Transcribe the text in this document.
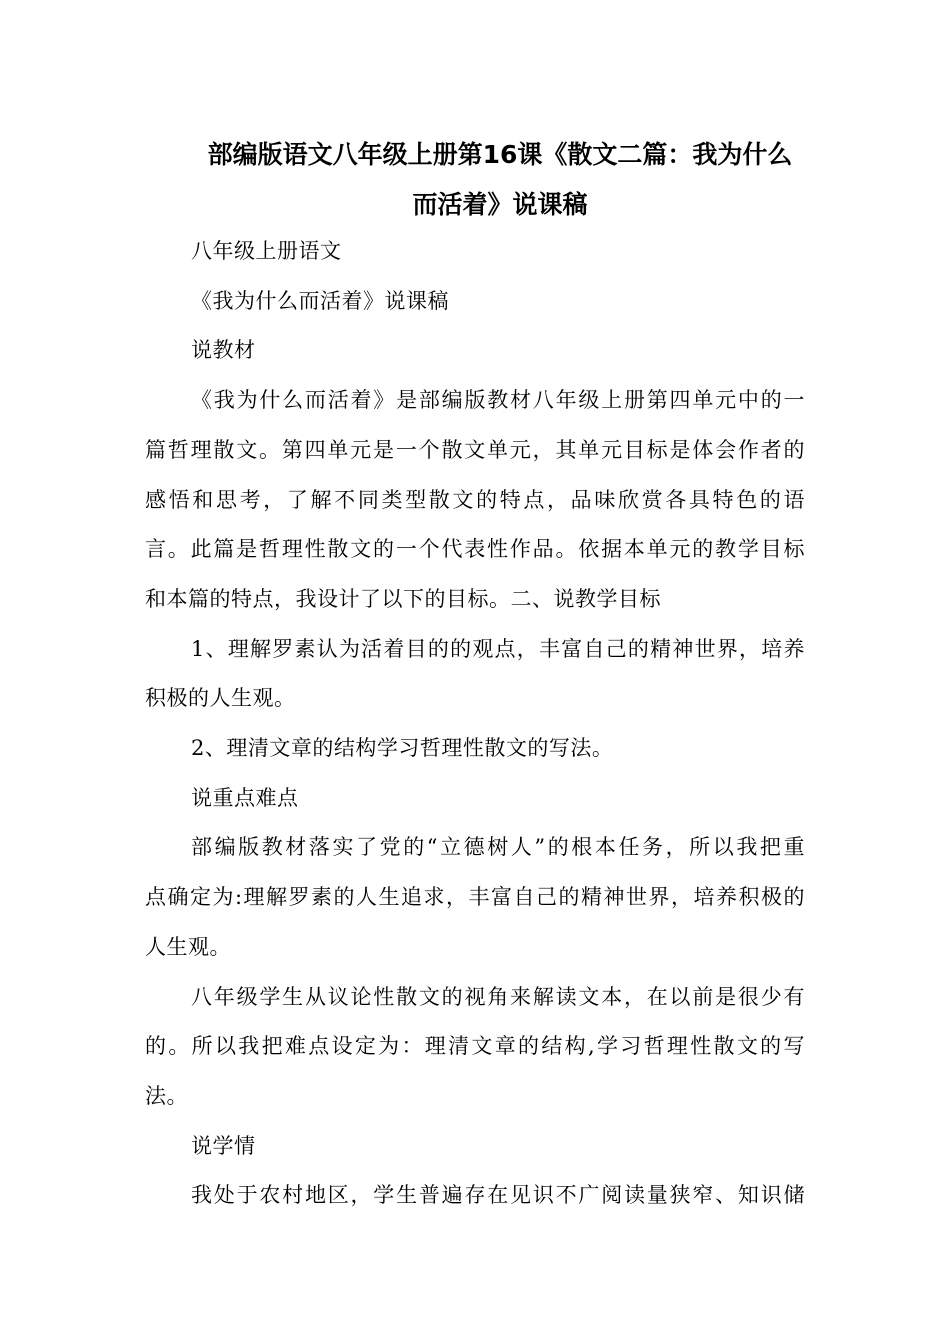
部编版语文八年级上册第16课《散文二篇：我为什么
而活着》说课稿
八年级上册语文
《我为什么而活着》说课稿
说教材
《我为什么而活着》是部编版教材八年级上册第四单元中的一
篇哲理散文。第四单元是一个散文单元，其单元目标是体会作者的
感悟和思考，了解不同类型散文的特点，品味欣赏各具特色的语
言。此篇是哲理性散文的一个代表性作品。依据本单元的教学目标
和本篇的特点，我设计了以下的目标。二、说教学目标
1、理解罗素认为活着目的的观点，丰富自己的精神世界，培养
积极的人生观。
2、理清文章的结构学习哲理性散文的写法。
说重点难点
部编版教材落实了党的“立德树人”的根本任务，所以我把重
点确定为:理解罗素的人生追求，丰富自己的精神世界，培养积极的
人生观。
八年级学生从议论性散文的视角来解读文本，在以前是很少有
的。所以我把难点设定为：理清文章的结构,学习哲理性散文的写
法。
说学情
我处于农村地区，学生普遍存在见识不广阅读量狭窄、知识储
